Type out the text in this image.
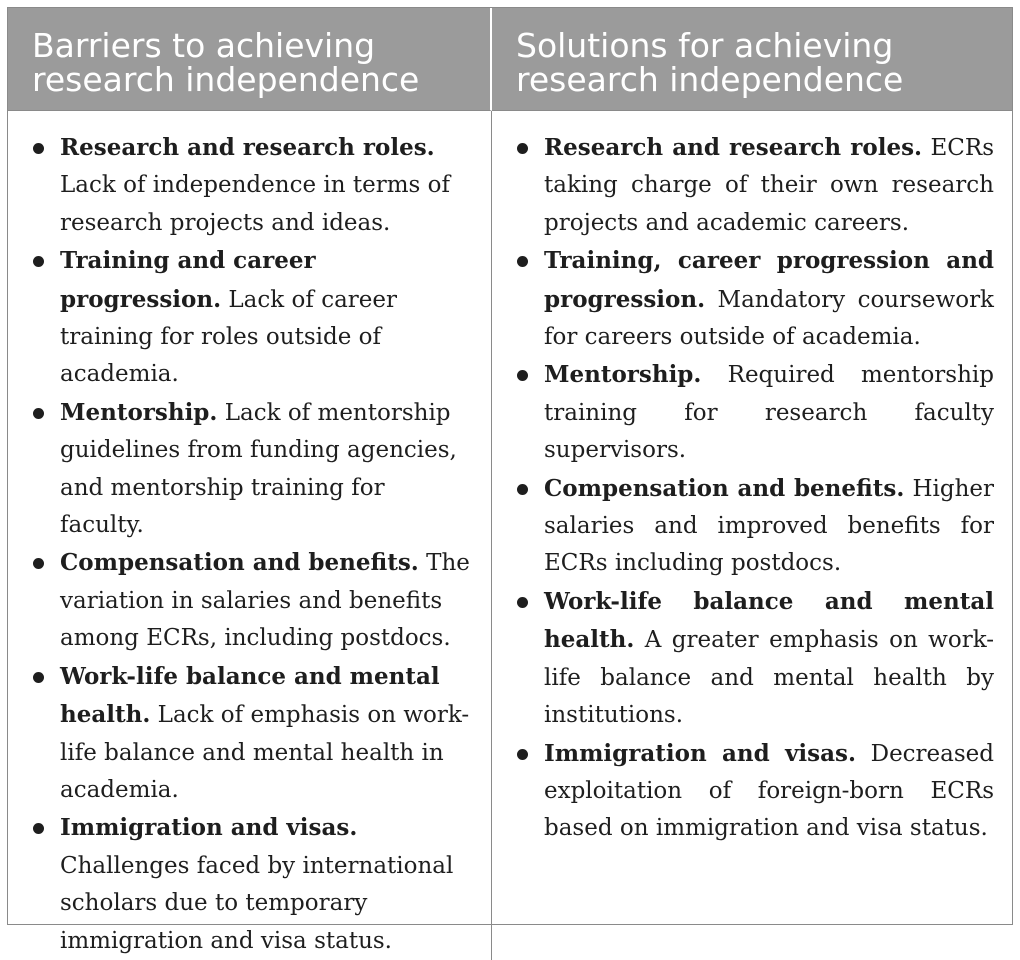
Barriers to achieving research independence
Solutions for achieving research independence
Research and research roles. Lack of independence in terms of research projects and ideas.
Training and career progression. Lack of career training for roles outside of academia.
Mentorship. Lack of mentorship guidelines from funding agencies, and mentorship training for faculty.
Compensation and benefits. The variation in salaries and benefits among ECRs, including postdocs.
Work-life balance and mental health. Lack of emphasis on work-life balance and mental health in academia.
Immigration and visas. Challenges faced by international scholars due to temporary immigration and visa status.
Research and research roles. ECRs taking charge of their own research projects and academic careers.
Training, career progression and progression. Mandatory coursework for careers outside of academia.
Mentorship. Required mentorship training for research faculty supervisors.
Compensation and benefits. Higher salaries and improved benefits for ECRs including postdocs.
Work-life balance and mental health. A greater emphasis on work-life balance and mental health by institutions.
Immigration and visas. Decreased exploitation of foreign-born ECRs based on immigration and visa status.
